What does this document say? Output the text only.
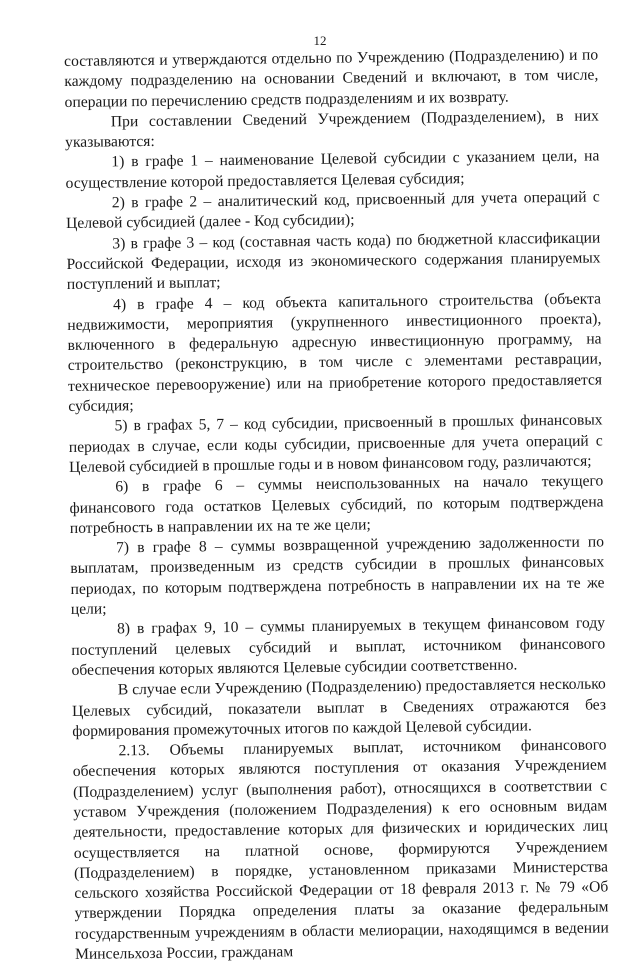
12

составляются и утверждаются отдельно по Учреждению (Подразделению) и по каждому подразделению на основании Сведений и включают, в том числе, операции по перечислению средств подразделениям и их возврату.

При составлении Сведений Учреждением (Подразделением), в них указываются:

1) в графе 1 – наименование Целевой субсидии с указанием цели, на осуществление которой предоставляется Целевая субсидия;

2) в графе 2 – аналитический код, присвоенный для учета операций с Целевой субсидией (далее - Код субсидии);

3) в графе 3 – код (составная часть кода) по бюджетной классификации Российской Федерации, исходя из экономического содержания планируемых поступлений и выплат;

4) в графе 4 – код объекта капитального строительства (объекта недвижимости, мероприятия (укрупненного инвестиционного проекта), включенного в федеральную адресную инвестиционную программу, на строительство (реконструкцию, в том числе с элементами реставрации, техническое перевооружение) или на приобретение которого предоставляется субсидия;

5) в графах 5, 7 – код субсидии, присвоенный в прошлых финансовых периодах в случае, если коды субсидии, присвоенные для учета операций с Целевой субсидией в прошлые годы и в новом финансовом году, различаются;

6) в графе 6 – суммы неиспользованных на начало текущего финансового года остатков Целевых субсидий, по которым подтверждена потребность в направлении их на те же цели;

7) в графе 8 – суммы возвращенной учреждению задолженности по выплатам, произведенным из средств субсидии в прошлых финансовых периодах, по которым подтверждена потребность в направлении их на те же цели;

8) в графах 9, 10 – суммы планируемых в текущем финансовом году поступлений целевых субсидий и выплат, источником финансового обеспечения которых являются Целевые субсидии соответственно.

В случае если Учреждению (Подразделению) предоставляется несколько Целевых субсидий, показатели выплат в Сведениях отражаются без формирования промежуточных итогов по каждой Целевой субсидии.

2.13. Объемы планируемых выплат, источником финансового обеспечения которых являются поступления от оказания Учреждением (Подразделением) услуг (выполнения работ), относящихся в соответствии с уставом Учреждения (положением Подразделения) к его основным видам деятельности, предоставление которых для физических и юридических лиц осуществляется на платной основе, формируются Учреждением (Подразделением) в порядке, установленном приказами Министерства сельского хозяйства Российской Федерации от 18 февраля 2013 г. № 79 «Об утверждении Порядка определения платы за оказание федеральным государственным учреждениям в области мелиорации, находящимся в ведении Минсельхоза России, гражданам
